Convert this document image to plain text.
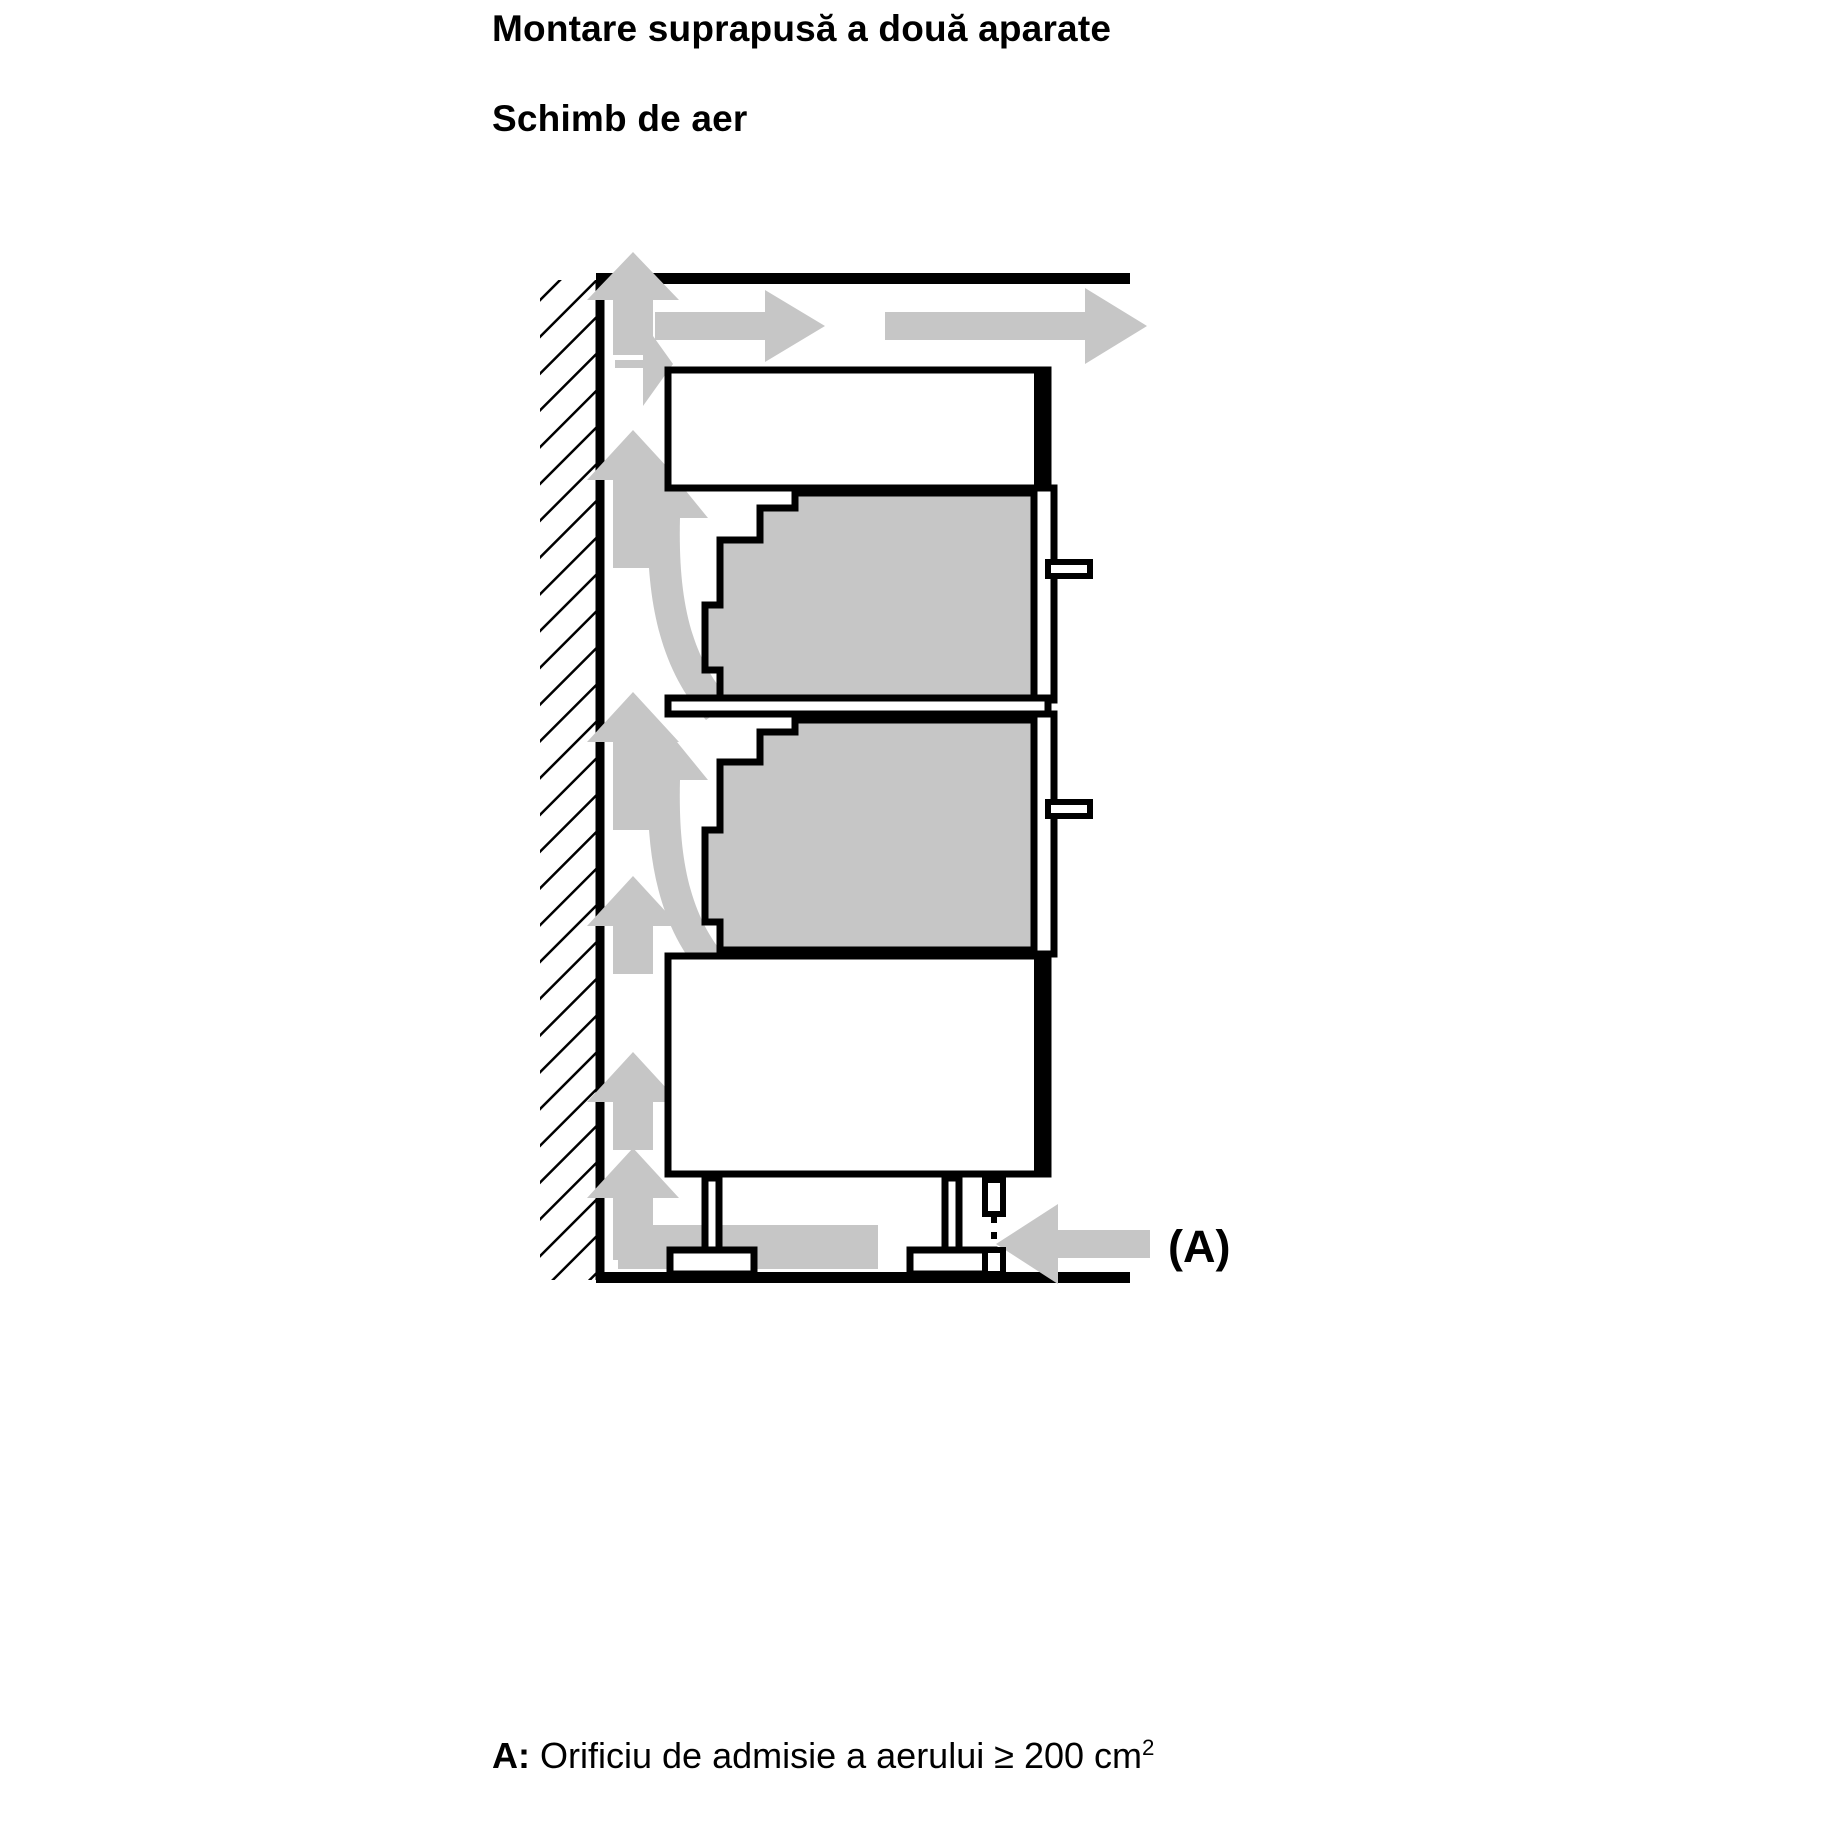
Montare suprapusă a două aparate
Schimb de aer
(A)
A: Orificiu de admisie a aerului ≥ 200 $cm^2$
